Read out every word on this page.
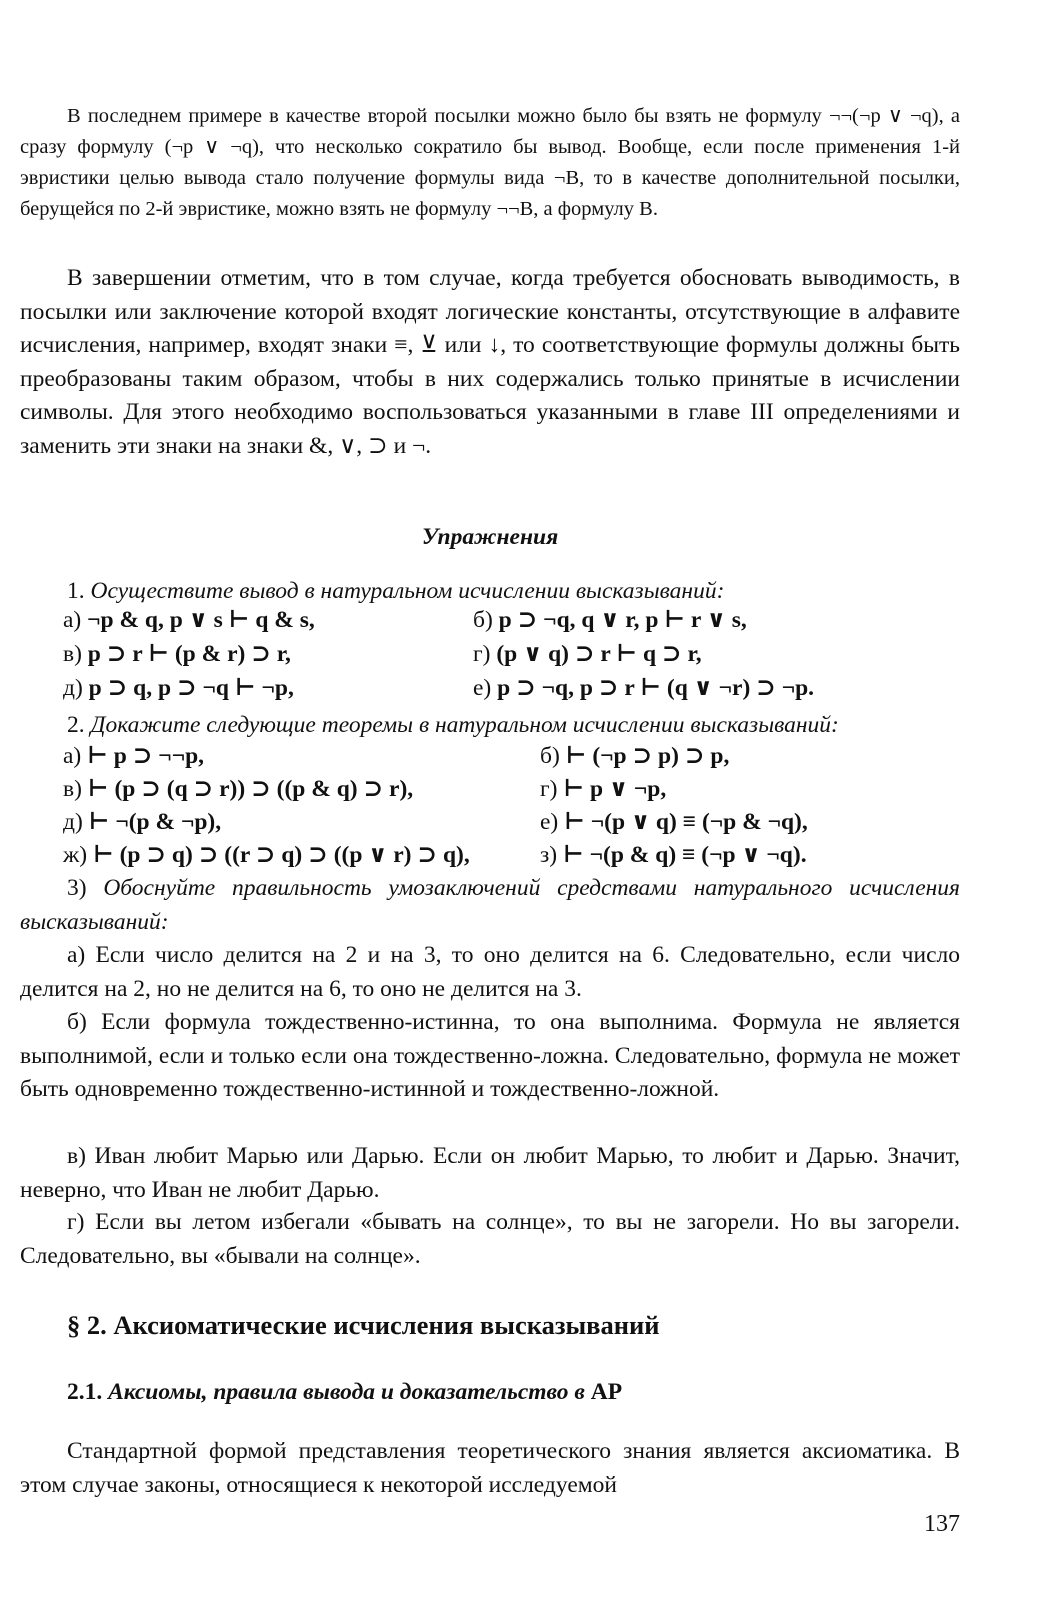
В последнем примере в качестве второй посылки можно было бы взять не формулу ¬¬(¬p ∨ ¬q), а сразу формулу (¬p ∨ ¬q), что несколько сократило бы вывод. Вообще, если после применения 1-й эвристики целью вывода стало получение формулы вида ¬B, то в качестве дополнительной посылки, берущейся по 2-й эвристике, можно взять не формулу ¬¬B, а формулу B.

В завершении отметим, что в том случае, когда требуется обосновать выводимость, в посылки или заключение которой входят логические константы, отсутствующие в алфавите исчисления, например, входят знаки ≡, ⊻ или ↓, то соответствующие формулы должны быть преобразованы таким образом, чтобы в них содержались только принятые в исчислении символы. Для этого необходимо воспользоваться указанными в главе III определениями и заменить эти знаки на знаки &, ∨, ⊃ и ¬.

Упражнения
1. Осуществите вывод в натуральном исчислении высказываний:
а) ¬p & q, p ∨ s ⊢ q & s,	б) p ⊃ ¬q, q ∨ r, p ⊢ r ∨ s,
в) p ⊃ r ⊢ (p & r) ⊃ r,	г) (p ∨ q) ⊃ r ⊢ q ⊃ r,
д) p ⊃ q, p ⊃ ¬q ⊢ ¬p,	е) p ⊃ ¬q, p ⊃ r ⊢ (q ∨ ¬r) ⊃ ¬p.
2. Докажите следующие теоремы в натуральном исчислении высказываний:
а) ⊢ p ⊃ ¬¬p,	б) ⊢ (¬p ⊃ p) ⊃ p,
в) ⊢ (p ⊃ (q ⊃ r)) ⊃ ((p & q) ⊃ r),	г) ⊢ p ∨ ¬p,
д) ⊢ ¬(p & ¬p),	е) ⊢ ¬(p ∨ q) ≡ (¬p & ¬q),
ж) ⊢ (p ⊃ q) ⊃ ((r ⊃ q) ⊃ ((p ∨ r) ⊃ q),	з) ⊢ ¬(p & q) ≡ (¬p ∨ ¬q).

3) Обоснуйте правильность умозаключений средствами натурального исчисления высказываний:

а) Если число делится на 2 и на 3, то оно делится на 6. Следовательно, если число делится на 2, но не делится на 6, то оно не делится на 3.

б) Если формула тождественно-истинна, то она выполнима. Формула не является выполнимой, если и только если она тождественно-ложна. Следовательно, формула не может быть одновременно тождественно-истинной и тождественно-ложной.

в) Иван любит Марью или Дарью. Если он любит Марью, то любит и Дарью. Значит, неверно, что Иван не любит Дарью.

г) Если вы летом избегали «бывать на солнце», то вы не загорели. Но вы загорели. Следовательно, вы «бывали на солнце».

§ 2. Аксиоматические исчисления высказываний
2.1. Аксиомы, правила вывода и доказательство в АР

Стандартной формой представления теоретического знания является аксиоматика. В этом случае законы, относящиеся к некоторой исследуемой

137
